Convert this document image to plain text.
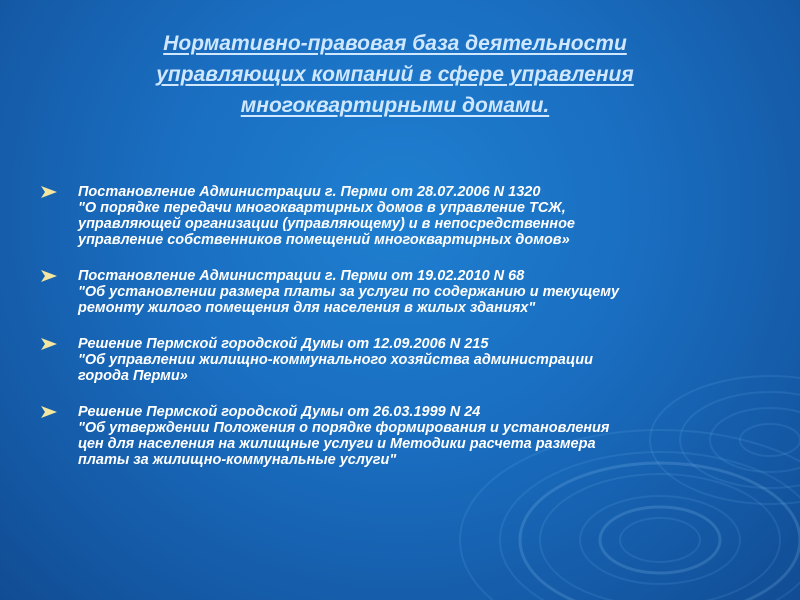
Нормативно-правовая база деятельности
управляющих компаний в сфере управления
многоквартирными домами.
Постановление Администрации г. Перми от 28.07.2006 N 1320
"О порядке передачи многоквартирных домов в управление ТСЖ,
управляющей организации (управляющему) и в непосредственное
управление собственников помещений многоквартирных домов»
Постановление Администрации г. Перми от 19.02.2010 N 68
"Об установлении размера платы за услуги по содержанию и текущему
ремонту жилого помещения для населения в жилых зданиях"
Решение Пермской городской Думы от 12.09.2006 N 215
"Об управлении жилищно-коммунального хозяйства администрации
города Перми»
Решение Пермской городской Думы от 26.03.1999 N 24
"Об утверждении Положения о порядке формирования и установления
цен для населения на жилищные услуги и Методики расчета размера
платы за жилищно-коммунальные услуги"
